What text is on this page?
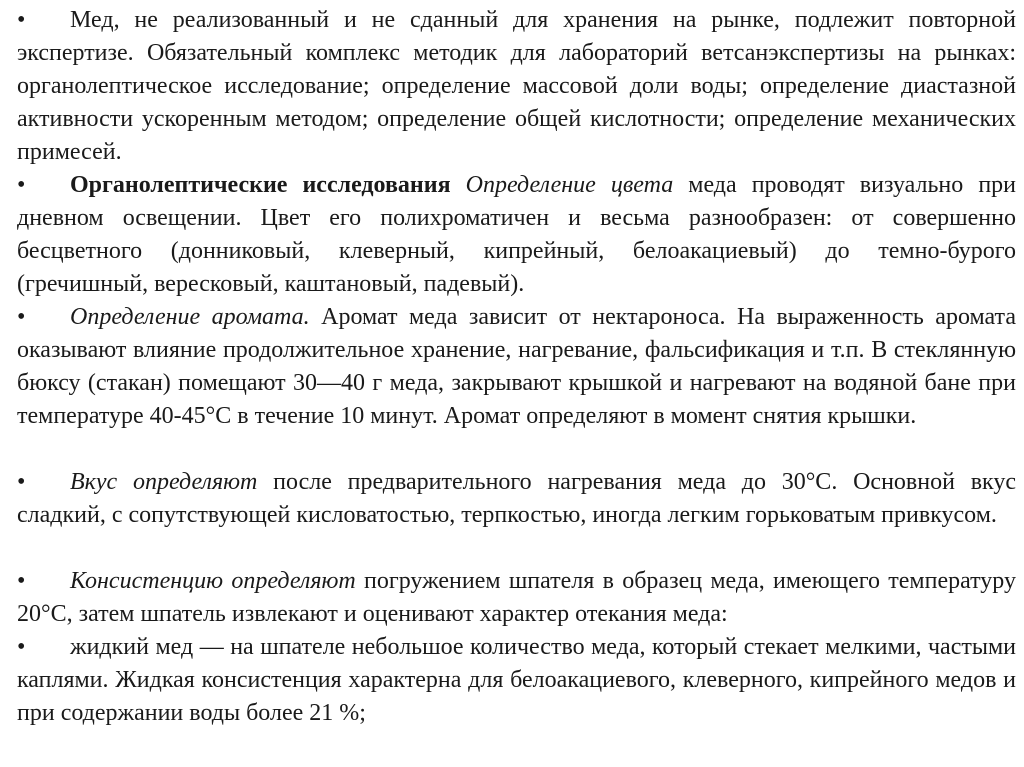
• Мед, не реализованный и не сданный для хранения на рынке, подлежит повторной экспертизе. Обязательный комплекс методик для лабораторий ветсанэкспертизы на рынках: органолептическое исследование; определение массовой доли воды; определение диастазной активности ускоренным методом; определение общей кислотности; определение механических примесей.

• Органолептические исследования Определение цвета меда проводят визуально при дневном освещении. Цвет его полихроматичен и весьма разнообразен: от совершенно бесцветного (донниковый, клеверный, кипрейный, белоакациевый) до темно-бурого (гречишный, вересковый, каштановый, падевый).

• Определение аромата. Аромат меда зависит от нектароноса. На выраженность аромата оказывают влияние продолжительное хранение, нагревание, фальсификация и т.п. В стеклянную бюксу (стакан) помещают 30—40 г меда, закрывают крышкой и нагревают на водяной бане при температуре 40-45°С в течение 10 минут. Аромат определяют в момент снятия крышки.

• Вкус определяют после предварительного нагревания меда до 30°С. Основной вкус сладкий, с сопутствующей кисловатостью, терпкостью, иногда легким горьковатым привкусом.

• Консистенцию определяют погружением шпателя в образец меда, имеющего температуру 20°С, затем шпатель извлекают и оценивают характер отекания меда:

• жидкий мед — на шпателе небольшое количество меда, который стекает мелкими, частыми каплями. Жидкая консистенция характерна для белоакациевого, клеверного, кипрейного медов и при содержании воды более 21 %;
